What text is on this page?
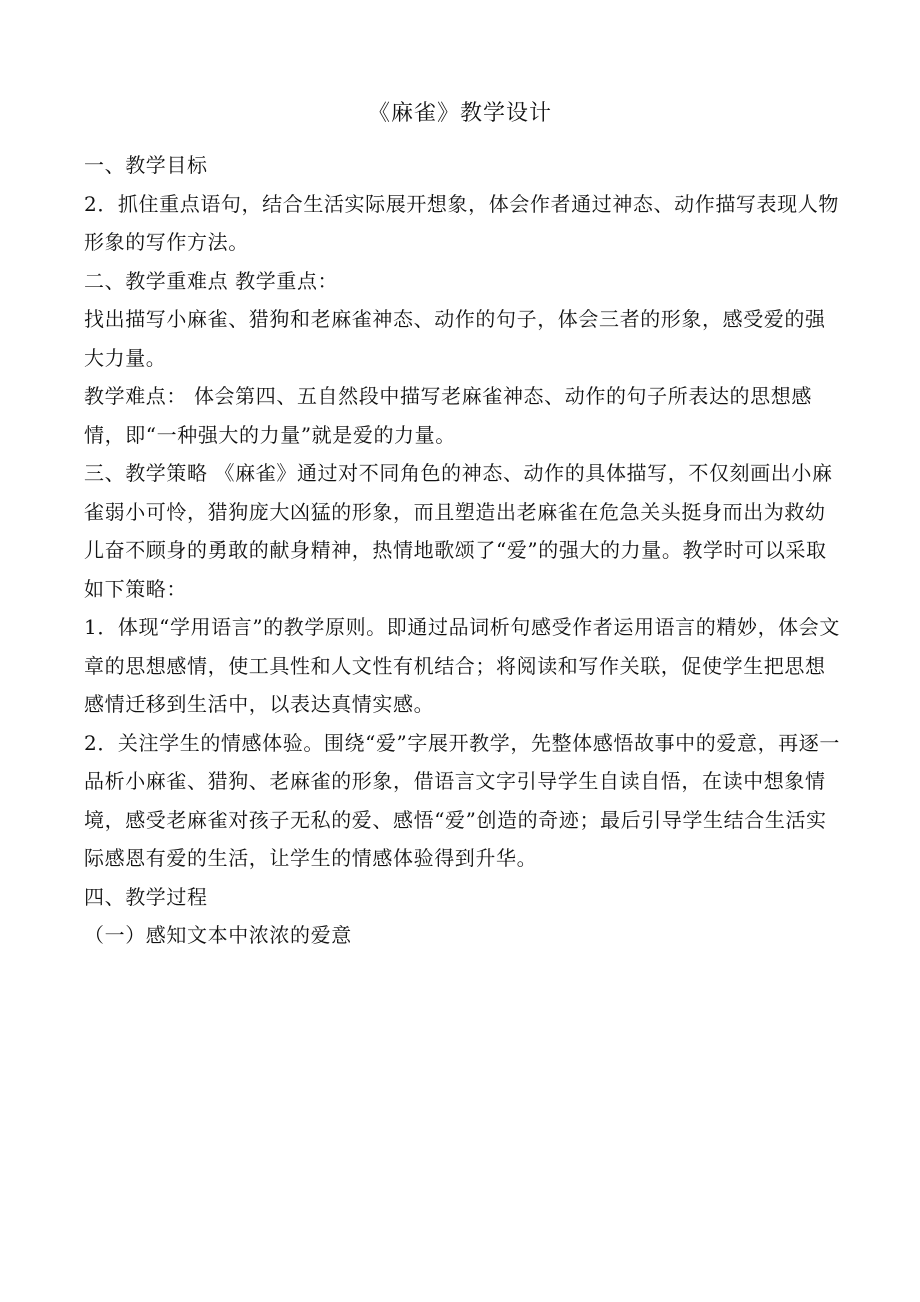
《麻雀》教学设计

一、教学目标

2．抓住重点语句，结合生活实际展开想象，体会作者通过神态、动作描写表现人物形象的写作方法。

二、教学重难点 教学重点：

找出描写小麻雀、猎狗和老麻雀神态、动作的句子，体会三者的形象，感受爱的强大力量。

教学难点： 体会第四、五自然段中描写老麻雀神态、动作的句子所表达的思想感情，即“一种强大的力量”就是爱的力量。

三、教学策略 《麻雀》通过对不同角色的神态、动作的具体描写，不仅刻画出小麻雀弱小可怜，猎狗庞大凶猛的形象，而且塑造出老麻雀在危急关头挺身而出为救幼儿奋不顾身的勇敢的献身精神，热情地歌颂了“爱”的强大的力量。教学时可以采取如下策略：

1．体现“学用语言”的教学原则。即通过品词析句感受作者运用语言的精妙，体会文章的思想感情，使工具性和人文性有机结合；将阅读和写作关联，促使学生把思想感情迁移到生活中，以表达真情实感。

2．关注学生的情感体验。围绕“爱”字展开教学，先整体感悟故事中的爱意，再逐一品析小麻雀、猎狗、老麻雀的形象，借语言文字引导学生自读自悟，在读中想象情境，感受老麻雀对孩子无私的爱、感悟“爱”创造的奇迹；最后引导学生结合生活实际感恩有爱的生活，让学生的情感体验得到升华。

四、教学过程

（一）感知文本中浓浓的爱意
